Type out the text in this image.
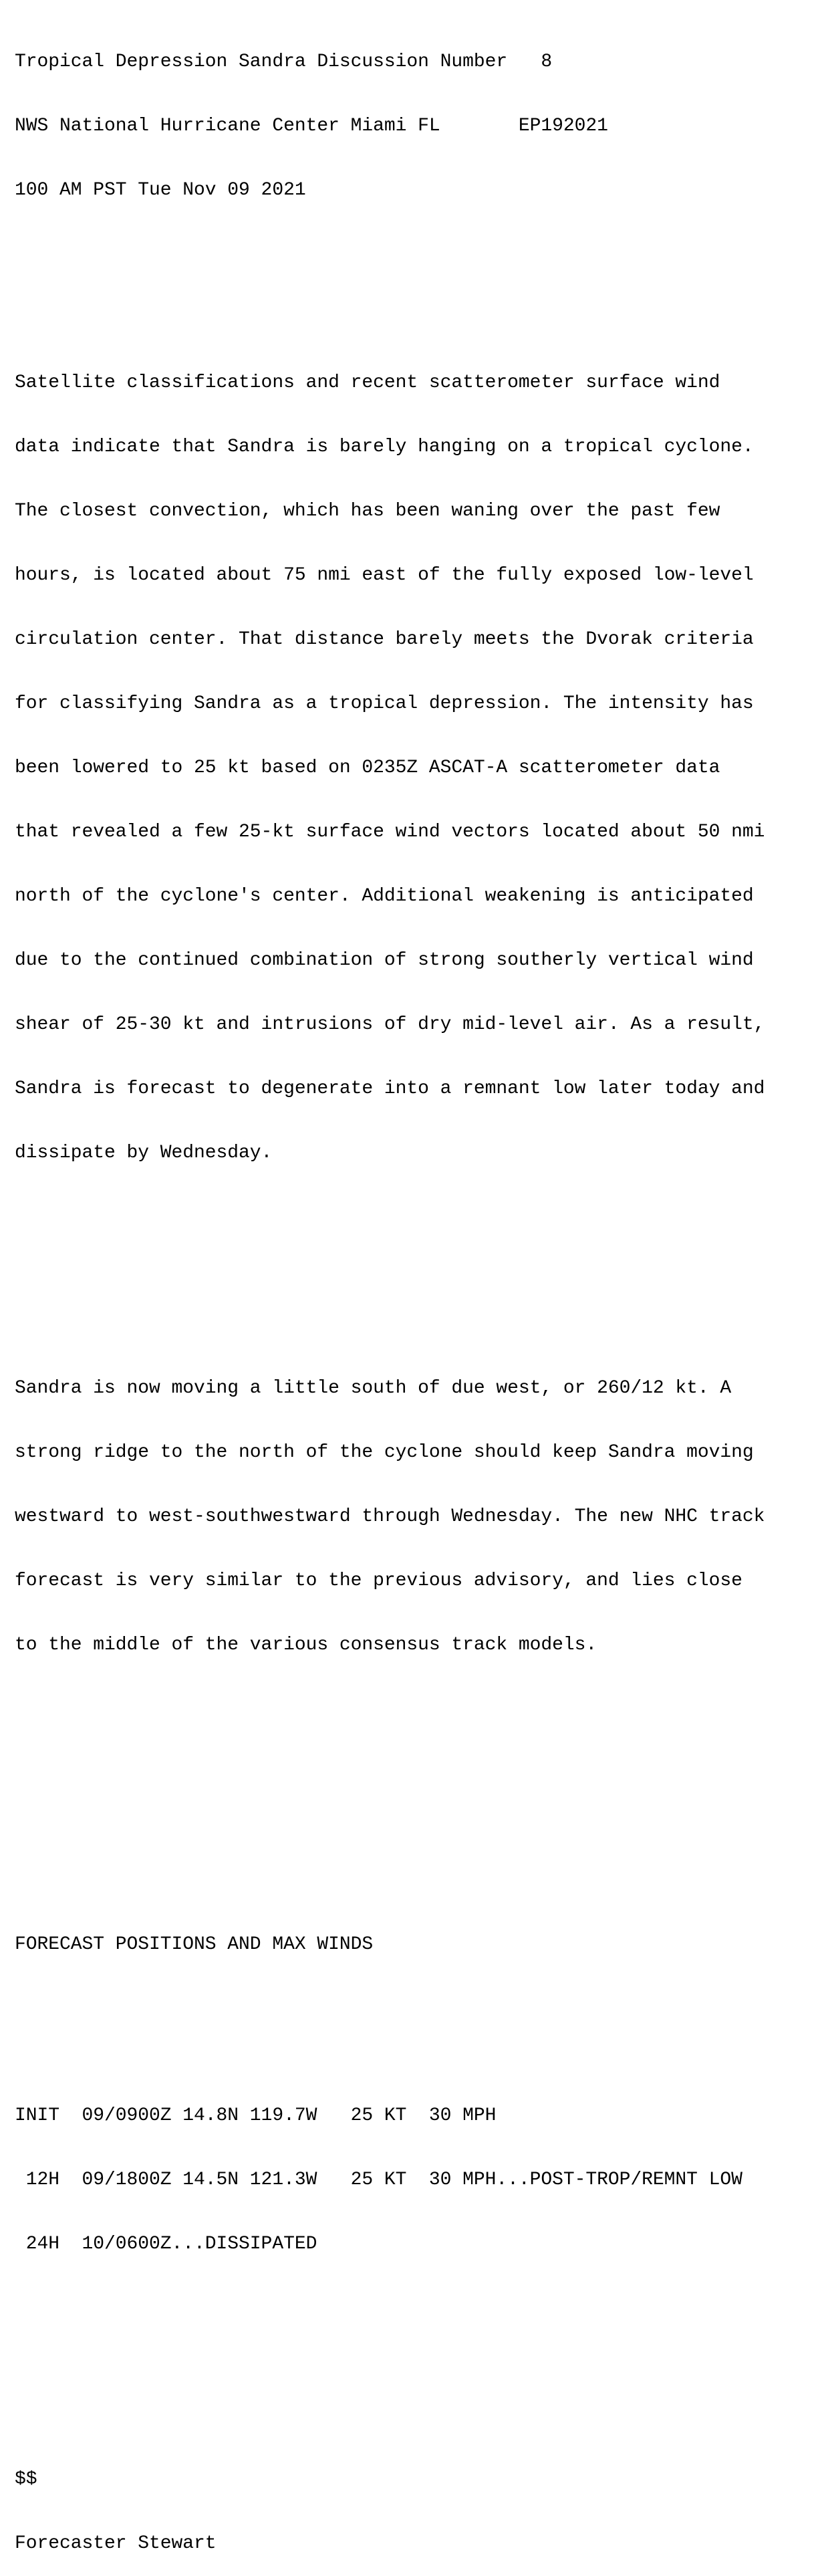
Tropical Depression Sandra Discussion Number   8

NWS National Hurricane Center Miami FL       EP192021

100 AM PST Tue Nov 09 2021

Satellite classifications and recent scatterometer surface wind

data indicate that Sandra is barely hanging on a tropical cyclone.

The closest convection, which has been waning over the past few

hours, is located about 75 nmi east of the fully exposed low-level

circulation center. That distance barely meets the Dvorak criteria

for classifying Sandra as a tropical depression. The intensity has

been lowered to 25 kt based on 0235Z ASCAT-A scatterometer data

that revealed a few 25-kt surface wind vectors located about 50 nmi

north of the cyclone's center. Additional weakening is anticipated

due to the continued combination of strong southerly vertical wind

shear of 25-30 kt and intrusions of dry mid-level air. As a result,

Sandra is forecast to degenerate into a remnant low later today and

dissipate by Wednesday.

Sandra is now moving a little south of due west, or 260/12 kt. A

strong ridge to the north of the cyclone should keep Sandra moving

westward to west-southwestward through Wednesday. The new NHC track

forecast is very similar to the previous advisory, and lies close

to the middle of the various consensus track models.

FORECAST POSITIONS AND MAX WINDS

INIT  09/0900Z 14.8N 119.7W   25 KT  30 MPH

12H  09/1800Z 14.5N 121.3W   25 KT  30 MPH...POST-TROP/REMNT LOW

24H  10/0600Z...DISSIPATED

$$

Forecaster Stewart
